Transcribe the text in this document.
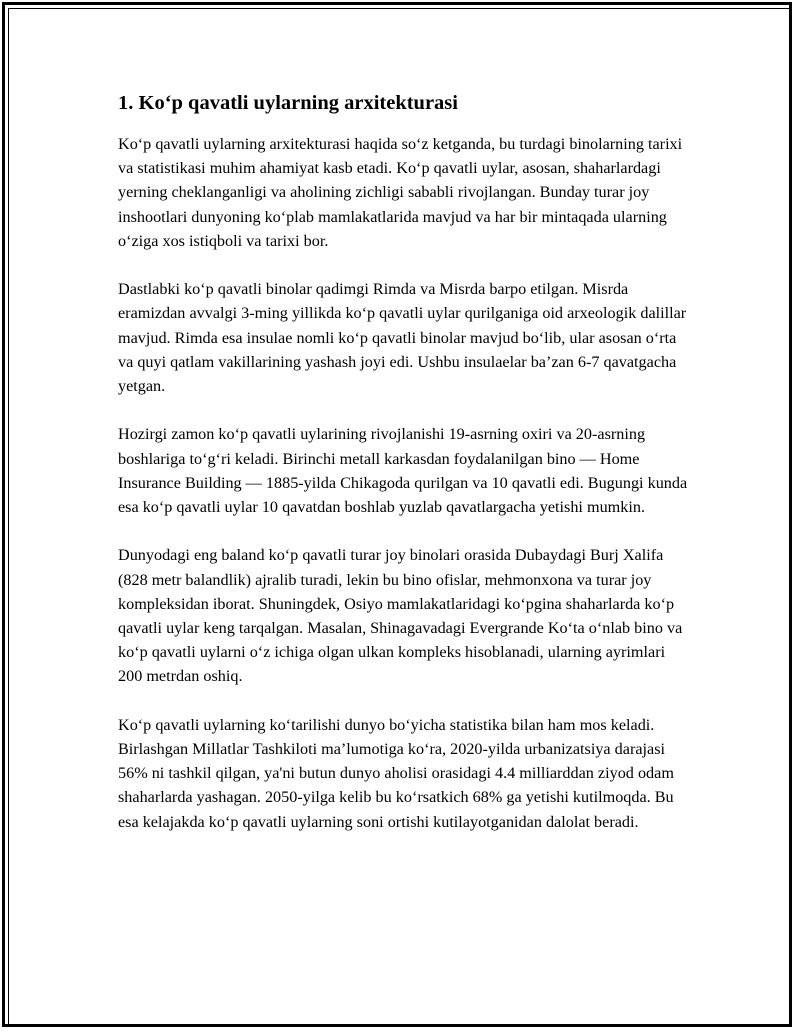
1. Ko‘p qavatli uylarning arxitekturasi

Ko‘p qavatli uylarning arxitekturasi haqida so‘z ketganda, bu turdagi binolarning tarixi va statistikasi muhim ahamiyat kasb etadi. Ko‘p qavatli uylar, asosan, shaharlardagi yerning cheklanganligi va aholining zichligi sababli rivojlangan. Bunday turar joy inshootlari dunyoning ko‘plab mamlakatlarida mavjud va har bir mintaqada ularning o‘ziga xos istiqboli va tarixi bor.

Dastlabki ko‘p qavatli binolar qadimgi Rimda va Misrda barpo etilgan. Misrda eramizdan avvalgi 3-ming yillikda ko‘p qavatli uylar qurilganiga oid arxeologik dalillar mavjud. Rimda esa insulae nomli ko‘p qavatli binolar mavjud bo‘lib, ular asosan o‘rta va quyi qatlam vakillarining yashash joyi edi. Ushbu insulaelar ba’zan 6-7 qavatgacha yetgan.

Hozirgi zamon ko‘p qavatli uylarining rivojlanishi 19-asrning oxiri va 20-asrning boshlariga to‘g‘ri keladi. Birinchi metall karkasdan foydalanilgan bino — Home Insurance Building — 1885-yilda Chikagoda qurilgan va 10 qavatli edi. Bugungi kunda esa ko‘p qavatli uylar 10 qavatdan boshlab yuzlab qavatlargacha yetishi mumkin.

Dunyodagi eng baland ko‘p qavatli turar joy binolari orasida Dubaydagi Burj Xalifa (828 metr balandlik) ajralib turadi, lekin bu bino ofislar, mehmonxona va turar joy kompleksidan iborat. Shuningdek, Osiyo mamlakatlaridagi ko‘pgina shaharlarda ko‘p qavatli uylar keng tarqalgan. Masalan, Shinagavadagi Evergrande Ko‘ta o‘nlab bino va ko‘p qavatli uylarni o‘z ichiga olgan ulkan kompleks hisoblanadi, ularning ayrimlari 200 metrdan oshiq.

Ko‘p qavatli uylarning ko‘tarilishi dunyo bo‘yicha statistika bilan ham mos keladi. Birlashgan Millatlar Tashkiloti ma’lumotiga ko‘ra, 2020-yilda urbanizatsiya darajasi 56% ni tashkil qilgan, ya'ni butun dunyo aholisi orasidagi 4.4 milliarddan ziyod odam shaharlarda yashagan. 2050-yilga kelib bu ko‘rsatkich 68% ga yetishi kutilmoqda. Bu esa kelajakda ko‘p qavatli uylarning soni ortishi kutilayotganidan dalolat beradi.
